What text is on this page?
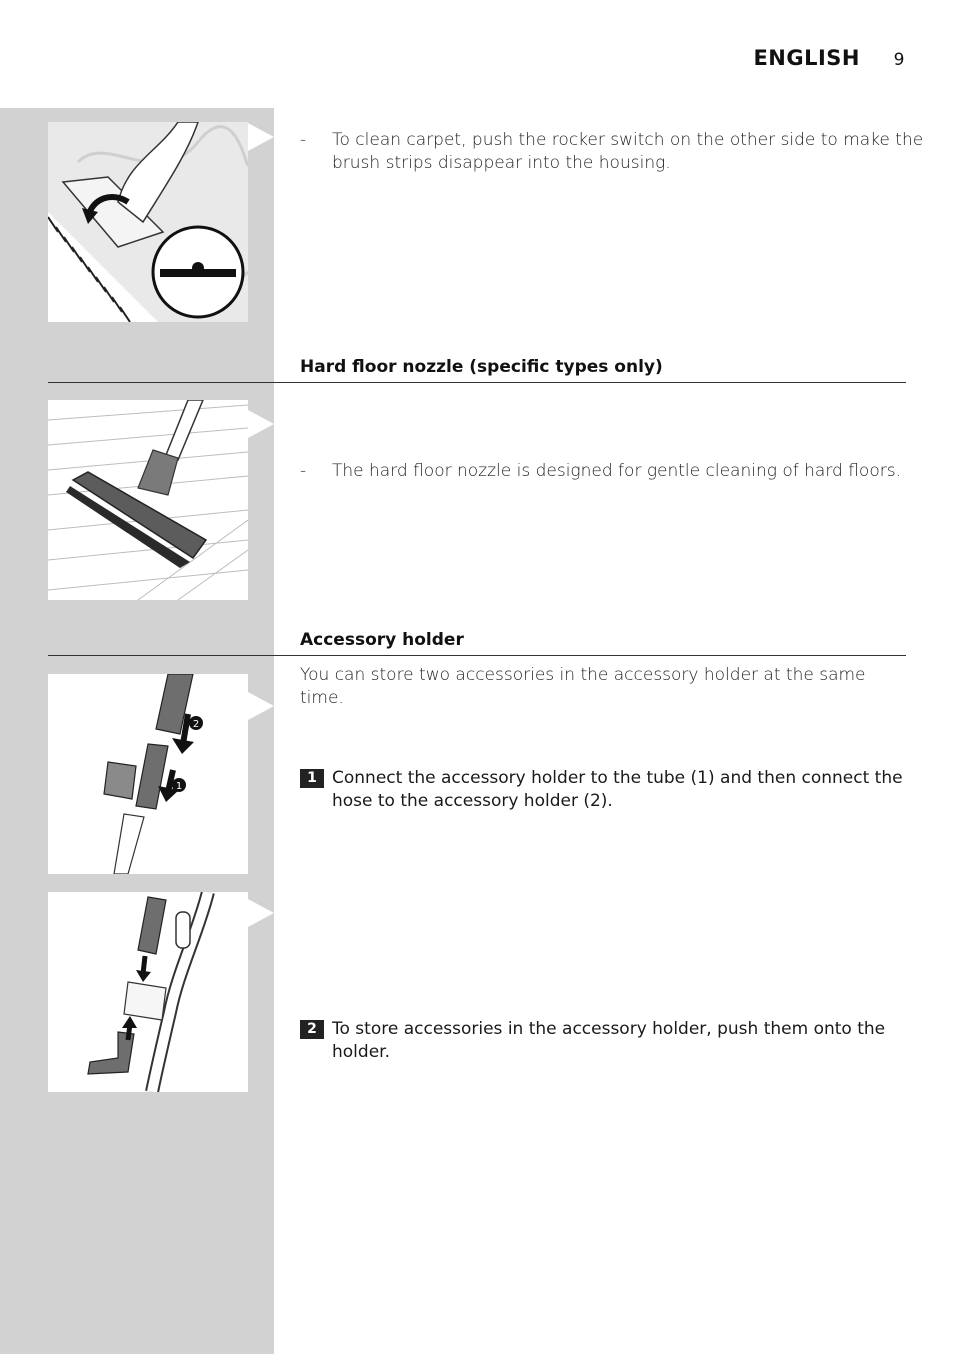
ENGLISH 9
- To clean carpet, push the rocker switch on the other side to make the brush strips disappear into the housing.
Hard floor nozzle (specific types only)
- The hard floor nozzle is designed for gentle cleaning of hard floors.
Accessory holder
You can store two accessories in the accessory holder at the same time.
2
1
1 Connect the accessory holder to the tube (1) and then connect the hose to the accessory holder (2).
2 To store accessories in the accessory holder, push them onto the holder.
